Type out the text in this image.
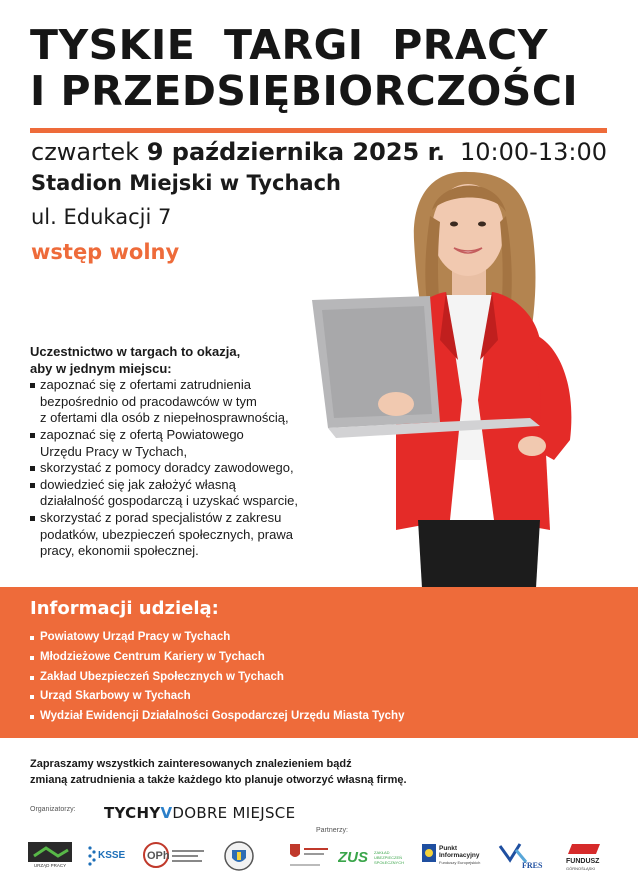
TYSKIE TARGI PRACY
I PRZEDSIĘBIORCZOŚCI
czwartek 9 października 2025 r. 10:00-13:00
Stadion Miejski w Tychach
ul. Edukacji 7
wstęp wolny
Uczestnictwo w targach to okazja,
aby w jednym miejscu:
zapoznać się z ofertami zatrudnienia
bezpośrednio od pracodawców w tym
z ofertami dla osób z niepełnosprawnością,
zapoznać się z ofertą Powiatowego
Urzędu Pracy w Tychach,
skorzystać z pomocy doradcy zawodowego,
dowiedzieć się jak założyć własną
działalność gospodarczą i uzyskać wsparcie,
skorzystać z porad specjalistów z zakresu
podatków, ubezpieczeń społecznych, prawa
pracy, ekonomii społecznej.
Informacji udzielą:
Powiatowy Urząd Pracy w Tychach
Młodzieżowe Centrum Kariery w Tychach
Zakład Ubezpieczeń Społecznych w Tychach
Urząd Skarbowy w Tychach
Wydział Ewidencji Działalności Gospodarczej Urzędu Miasta Tychy
Zapraszamy wszystkich zainteresowanych znalezieniem bądź
zmianą zatrudnienia a także każdego kto planuje otworzyć własną firmę.
Organizatorzy: TYCHYVDOBRE MIEJSCE
Partnerzy:
URZĄD PRACY
KSSE OPh	ZUS ZAKŁAD
UBEZPIECZEŃ
SPOŁECZNYCH
Punkt
Informacyjny
Funduszy Europejskich	FRES	FUNDUSZ
GÓRNOŚLĄSKI
